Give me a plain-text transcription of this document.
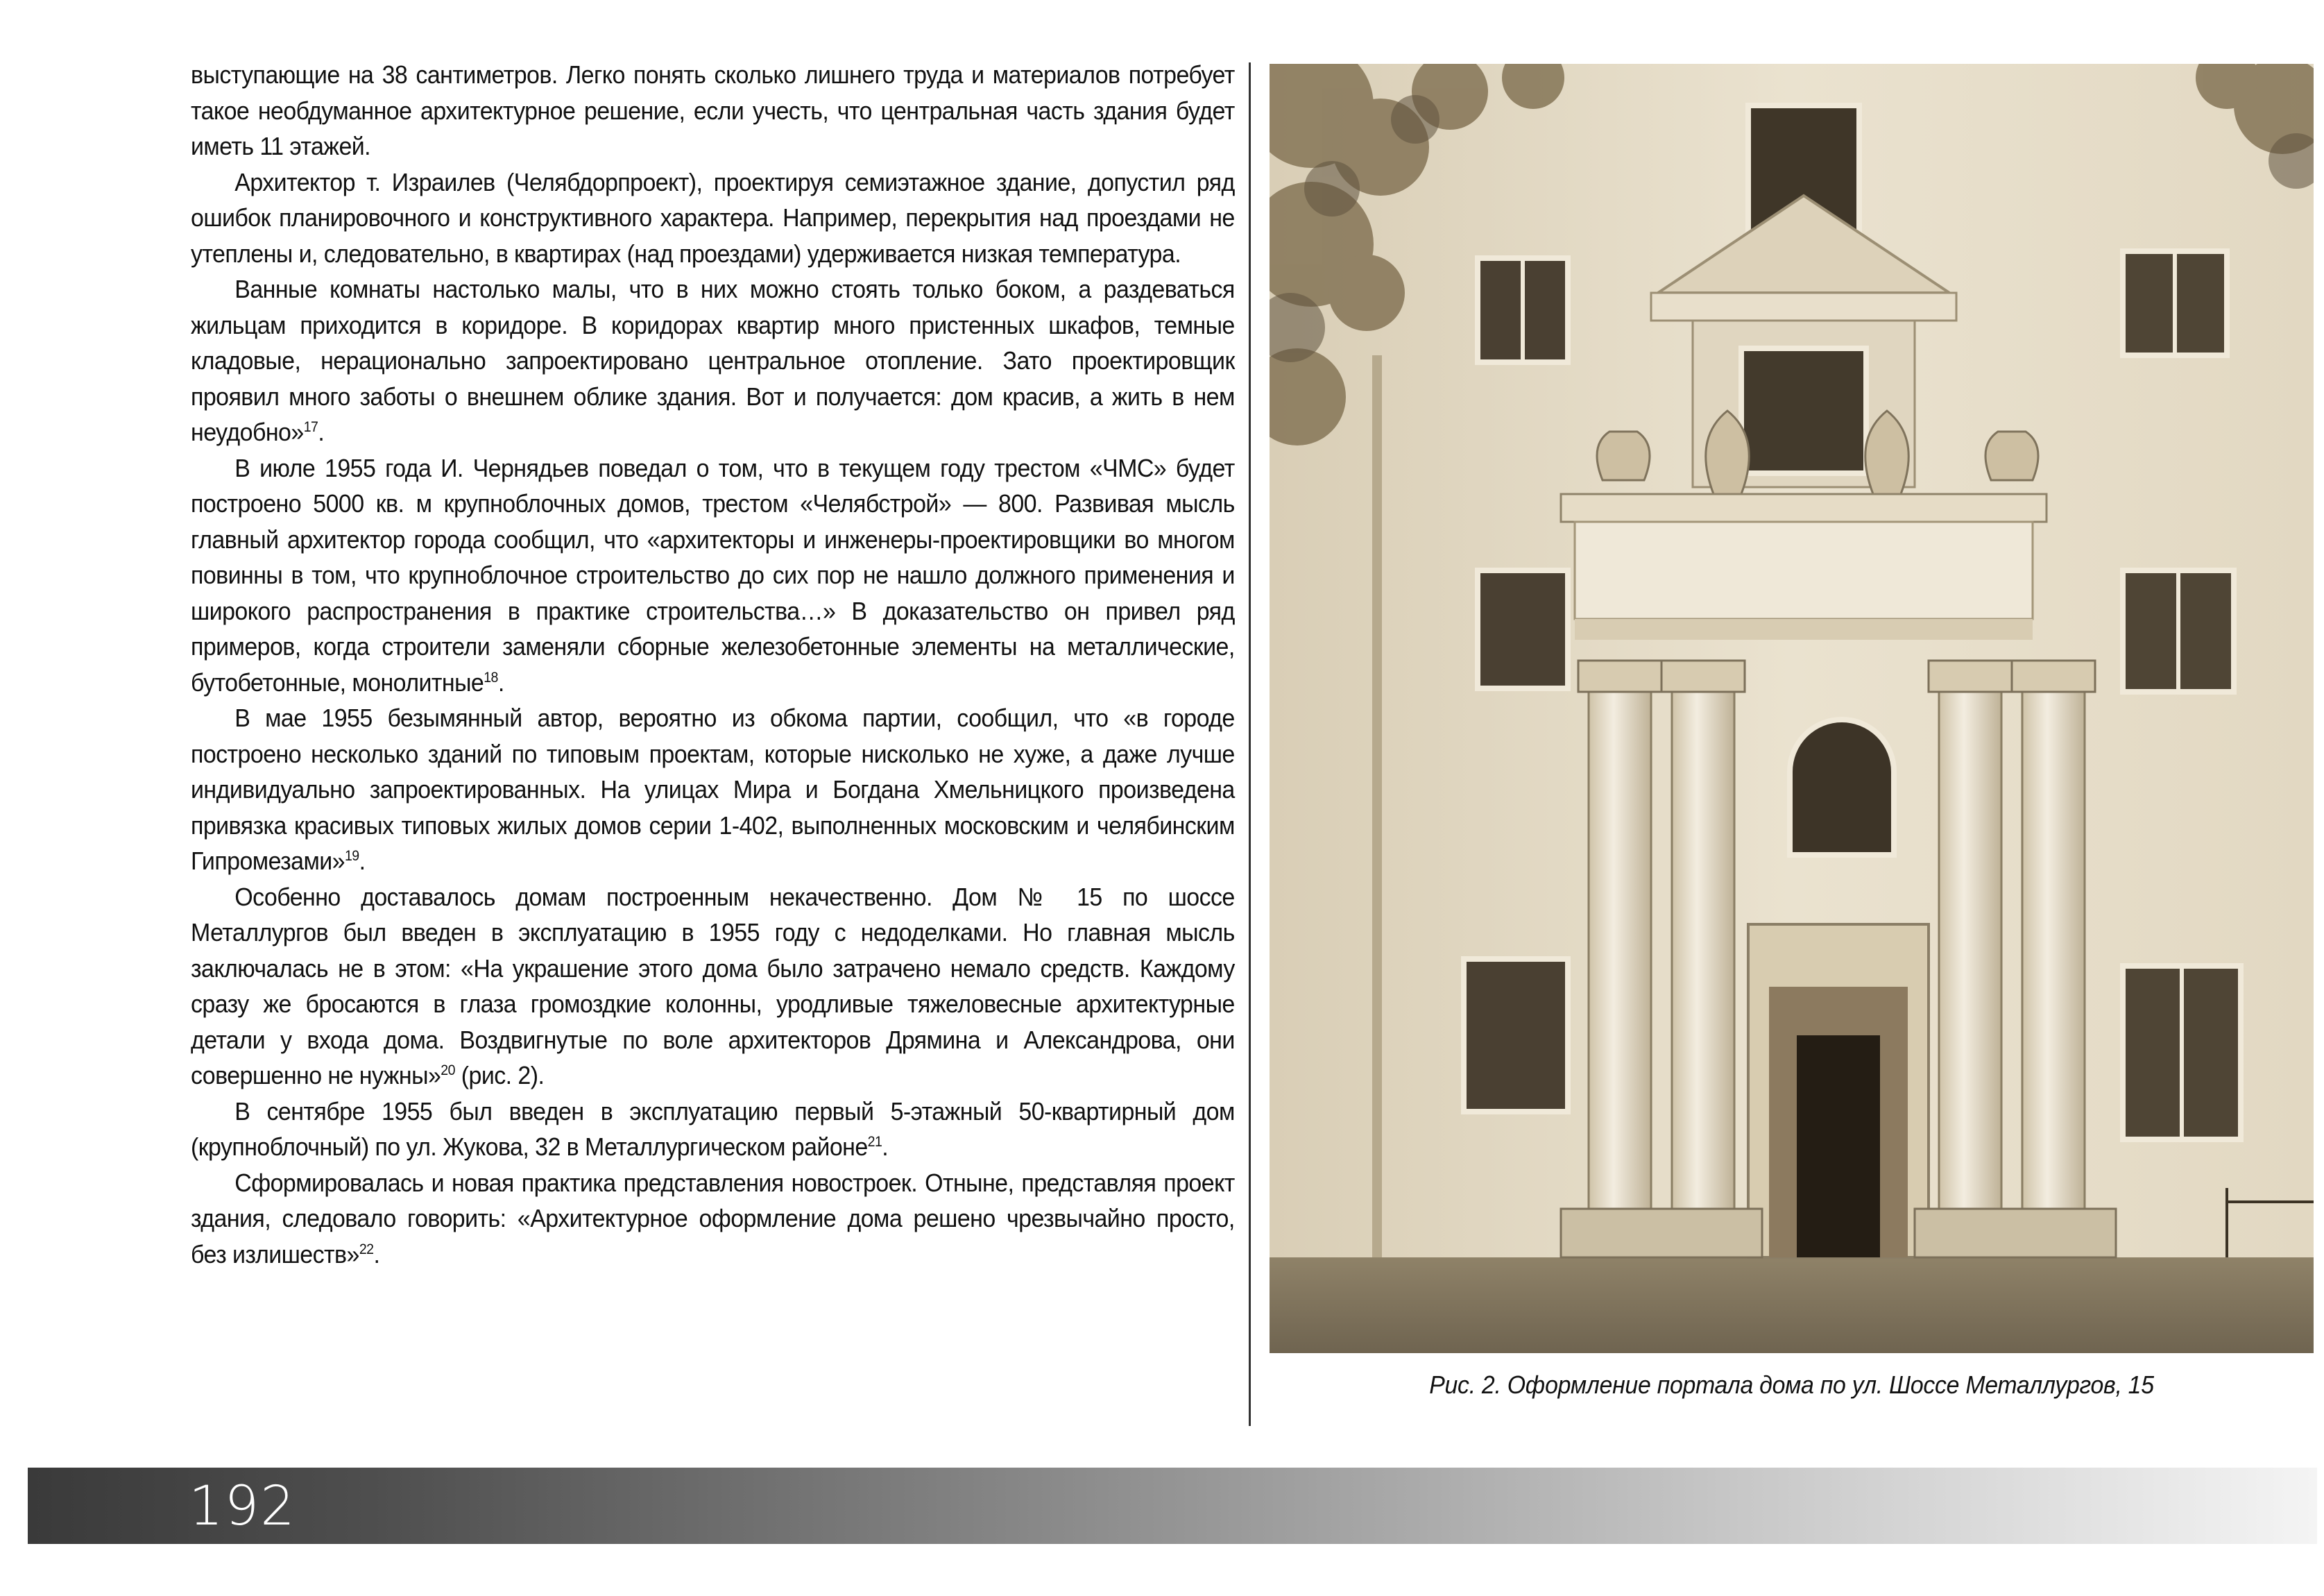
выступающие на 38 сантиметров. Легко понять сколько лишнего труда и материалов потребует такое необдуманное архитектурное решение, если учесть, что центральная часть здания будет иметь 11 этажей.

Архитектор т. Израилев (Челябдорпроект), проектируя семиэтажное здание, допустил ряд ошибок планировочного и конструктивного характера. Например, перекрытия над проездами не утеплены и, следовательно, в квартирах (над проездами) удерживается низкая температура.

Ванные комнаты настолько малы, что в них можно стоять только боком, а раздеваться жильцам приходится в коридоре. В коридорах квартир много пристенных шкафов, темные кладовые, нерационально запроектировано центральное отопление. Зато проектировщик проявил много заботы о внешнем облике здания. Вот и получается: дом красив, а жить в нем неудобно»$^{17}$.

В июле 1955 года И. Чернядьев поведал о том, что в текущем году трестом «ЧМС» будет построено 5000 кв. м крупноблочных домов, трестом «Челябстрой» — 800. Развивая мысль главный архитектор города сообщил, что «архитекторы и инженеры-проектировщики во многом повинны в том, что крупноблочное строительство до сих пор не нашло должного применения и широкого распространения в практике строительства…» В доказательство он привел ряд примеров, когда строители заменяли сборные железобетонные элементы на металлические, бутобетонные, монолитные$^{18}$.

В мае 1955 безымянный автор, вероятно из обкома партии, сообщил, что «в городе построено несколько зданий по типовым проектам, которые нисколько не хуже, а даже лучше индивидуально запроектированных. На улицах Мира и Богдана Хмельницкого произведена привязка красивых типовых жилых домов серии 1-402, выполненных московским и челябинским Гипромезами»$^{19}$.

Особенно доставалось домам построенным некачественно. Дом № 15 по шоссе Металлургов был введен в эксплуатацию в 1955 году с недоделками. Но главная мысль заключалась не в этом: «На украшение этого дома было затрачено немало средств. Каждому сразу же бросаются в глаза громоздкие колонны, уродливые тяжеловесные архитектурные детали у входа дома. Воздвигнутые по воле архитекторов Дрямина и Александрова, они совершенно не нужны»$^{20}$ (рис. 2).

В сентябре 1955 был введен в эксплуатацию первый 5-этажный 50-квартирный дом (крупноблочный) по ул. Жукова, 32 в Металлургическом районе$^{21}$.

Сформировалась и новая практика представления новостроек. Отныне, представляя проект здания, следовало говорить: «Архитектурное оформление дома решено чрезвычайно просто, без излишеств»$^{22}$.

Рис. 2. Оформление портала дома по ул. Шоссе Металлургов, 15
192
